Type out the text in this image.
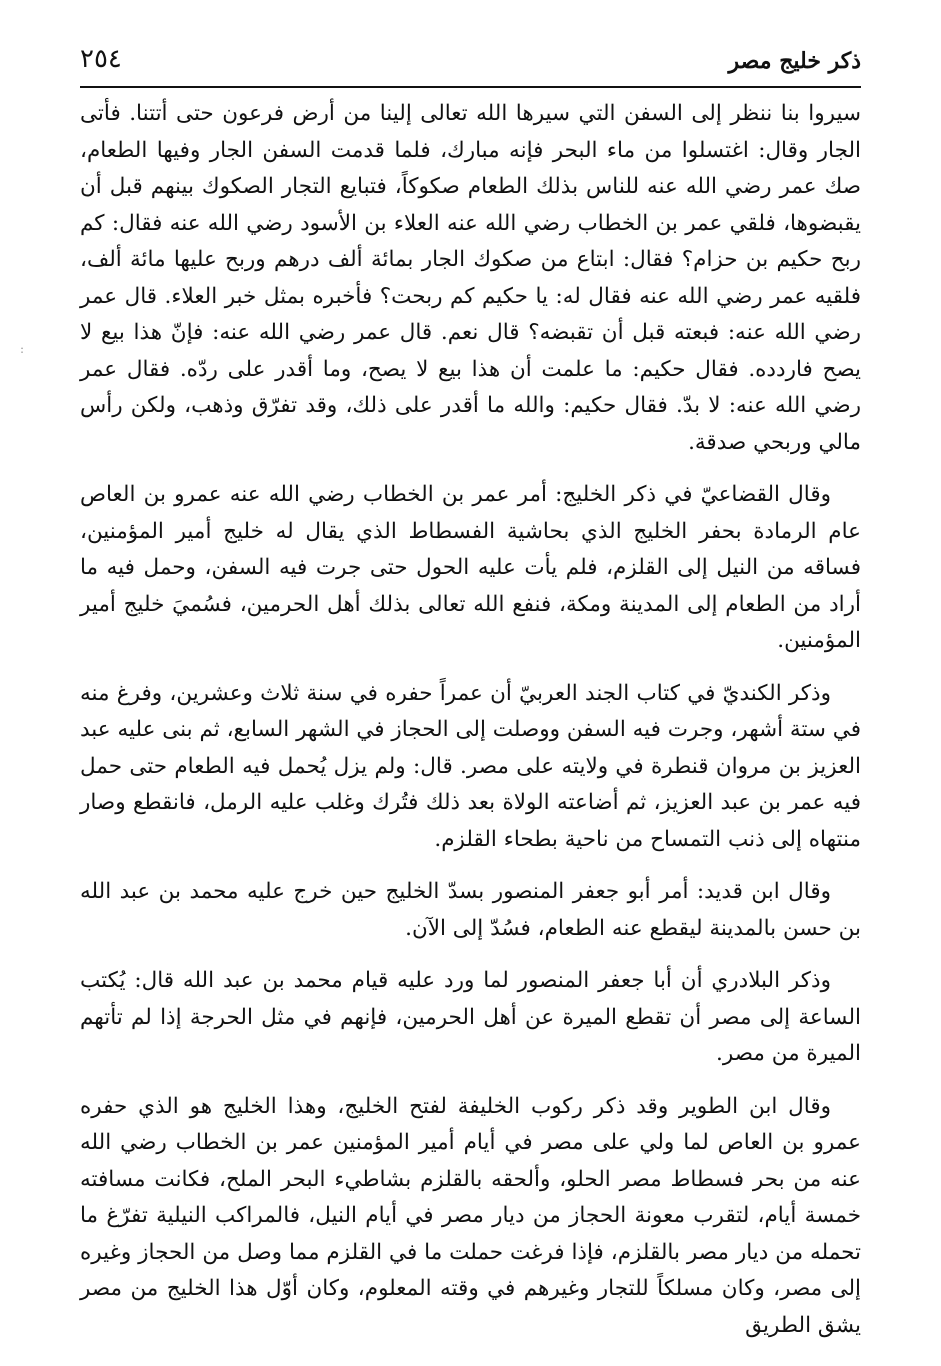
٢٥٤	ذكر خليج مصر
:

سيروا بنا ننظر إلى السفن التي سيرها الله تعالى إلينا من أرض فرعون حتى أتتنا. فأتى الجار وقال: اغتسلوا من ماء البحر فإنه مبارك، فلما قدمت السفن الجار وفيها الطعام، صك عمر رضي الله عنه للناس بذلك الطعام صكوكاً، فتبايع التجار الصكوك بينهم قبل أن يقبضوها، فلقي عمر بن الخطاب رضي الله عنه العلاء بن الأسود رضي الله عنه فقال: كم ربح حكيم بن حزام؟ فقال: ابتاع من صكوك الجار بمائة ألف درهم وربح عليها مائة ألف، فلقيه عمر رضي الله عنه فقال له: يا حكيم كم ربحت؟ فأخبره بمثل خبر العلاء. قال عمر رضي الله عنه: فبعته قبل أن تقبضه؟ قال نعم. قال عمر رضي الله عنه: فإنّ هذا بيع لا يصح فاردده. فقال حكيم: ما علمت أن هذا بيع لا يصح، وما أقدر على ردّه. فقال عمر رضي الله عنه: لا بدّ. فقال حكيم: والله ما أقدر على ذلك، وقد تفرّق وذهب، ولكن رأس مالي وربحي صدقة.

وقال القضاعيّ في ذكر الخليج: أمر عمر بن الخطاب رضي الله عنه عمرو بن العاص عام الرمادة بحفر الخليج الذي بحاشية الفسطاط الذي يقال له خليج أمير المؤمنين، فساقه من النيل إلى القلزم، فلم يأت عليه الحول حتى جرت فيه السفن، وحمل فيه ما أراد من الطعام إلى المدينة ومكة، فنفع الله تعالى بذلك أهل الحرمين، فسُميَ خليج أمير المؤمنين.

وذكر الكنديّ في كتاب الجند العربيّ أن عمراً حفره في سنة ثلاث وعشرين، وفرغ منه في ستة أشهر، وجرت فيه السفن ووصلت إلى الحجاز في الشهر السابع، ثم بنى عليه عبد العزيز بن مروان قنطرة في ولايته على مصر. قال: ولم يزل يُحمل فيه الطعام حتى حمل فيه عمر بن عبد العزيز، ثم أضاعته الولاة بعد ذلك فتُرك وغلب عليه الرمل، فانقطع وصار منتهاه إلى ذنب التمساح من ناحية بطحاء القلزم.

وقال ابن قديد: أمر أبو جعفر المنصور بسدّ الخليج حين خرج عليه محمد بن عبد الله بن حسن بالمدينة ليقطع عنه الطعام، فسُدّ إلى الآن.

وذكر البلادري أن أبا جعفر المنصور لما ورد عليه قيام محمد بن عبد الله قال: يُكتب الساعة إلى مصر أن تقطع الميرة عن أهل الحرمين، فإنهم في مثل الحرجة إذا لم تأتهم الميرة من مصر.

وقال ابن الطوير وقد ذكر ركوب الخليفة لفتح الخليج، وهذا الخليج هو الذي حفره عمرو بن العاص لما ولي على مصر في أيام أمير المؤمنين عمر بن الخطاب رضي الله عنه من بحر فسطاط مصر الحلو، وألحقه بالقلزم بشاطيء البحر الملح، فكانت مسافته خمسة أيام، لتقرب معونة الحجاز من ديار مصر في أيام النيل، فالمراكب النيلية تفرّغ ما تحمله من ديار مصر بالقلزم، فإذا فرغت حملت ما في القلزم مما وصل من الحجاز وغيره إلى مصر، وكان مسلكاً للتجار وغيرهم في وقته المعلوم، وكان أوّل هذا الخليج من مصر يشق الطريق
